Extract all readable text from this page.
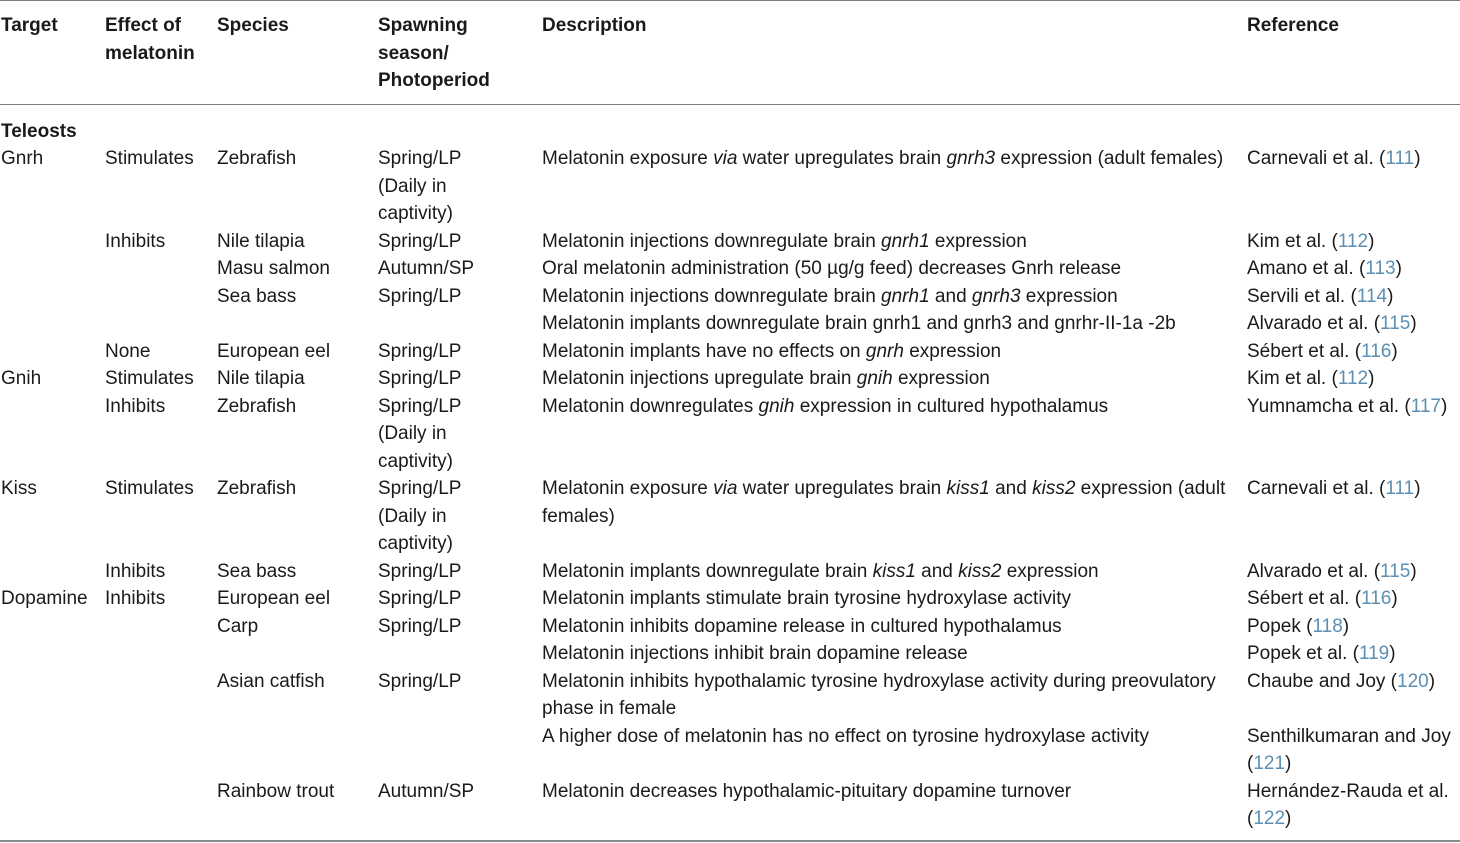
Target	Effect of melatonin	Species	Spawning season/ Photoperiod	Description	Reference
Teleosts					
Gnrh	Stimulates	Zebrafish	Spring/LP (Daily in captivity)	Melatonin exposure via water upregulates brain gnrh3 expression (adult females)	Carnevali et al. (111)
	Inhibits	Nile tilapia	Spring/LP	Melatonin injections downregulate brain gnrh1 expression	Kim et al. (112)
		Masu salmon	Autumn/SP	Oral melatonin administration (50 µg/g feed) decreases Gnrh release	Amano et al. (113)
		Sea bass	Spring/LP	Melatonin injections downregulate brain gnrh1 and gnrh3 expression	Servili et al. (114)
				Melatonin implants downregulate brain gnrh1 and gnrh3 and gnrhr-II-1a -2b	Alvarado et al. (115)
	None	European eel	Spring/LP	Melatonin implants have no effects on gnrh expression	Sébert et al. (116)
Gnih	Stimulates	Nile tilapia	Spring/LP	Melatonin injections upregulate brain gnih expression	Kim et al. (112)
	Inhibits	Zebrafish	Spring/LP (Daily in captivity)	Melatonin downregulates gnih expression in cultured hypothalamus	Yumnamcha et al. (117)
Kiss	Stimulates	Zebrafish	Spring/LP (Daily in captivity)	Melatonin exposure via water upregulates brain kiss1 and kiss2 expression (adult females)	Carnevali et al. (111)
	Inhibits	Sea bass	Spring/LP	Melatonin implants downregulate brain kiss1 and kiss2 expression	Alvarado et al. (115)
Dopamine	Inhibits	European eel	Spring/LP	Melatonin implants stimulate brain tyrosine hydroxylase activity	Sébert et al. (116)
		Carp	Spring/LP	Melatonin inhibits dopamine release in cultured hypothalamus	Popek (118)
				Melatonin injections inhibit brain dopamine release	Popek et al. (119)
		Asian catfish	Spring/LP	Melatonin inhibits hypothalamic tyrosine hydroxylase activity during preovulatory phase in female	Chaube and Joy (120)
				A higher dose of melatonin has no effect on tyrosine hydroxylase activity	Senthilkumaran and Joy (121)
		Rainbow trout	Autumn/SP	Melatonin decreases hypothalamic-pituitary dopamine turnover	Hernández-Rauda et al. (122)
